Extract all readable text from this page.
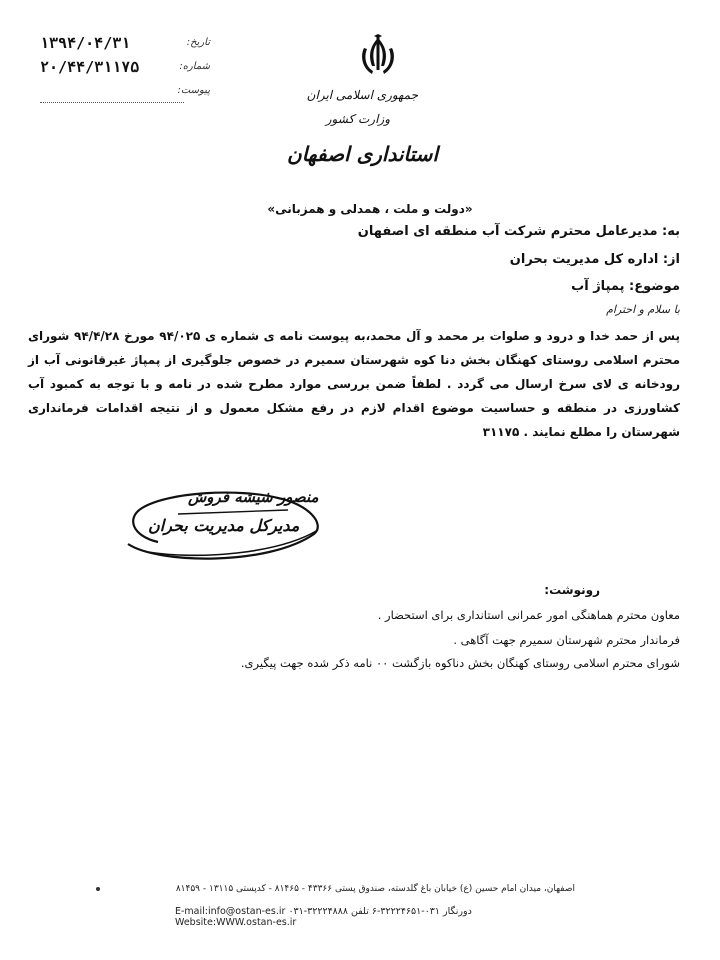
۱۳۹۴/۰۴/۳۱	تاریخ:
۲۰/۴۴/۳۱۱۷۵	شماره:
پیوست:	جمهوری اسلامی ایران
وزارت کشور
استانداری اصفهان
«دولت و ملت ، همدلی و همزبانی»
به: مدیرعامل محترم شرکت آب منطقه ای اصفهان
از: اداره کل مدیریت بحران
موضوع: پمپاژ آب
با سلام و احترام
پس از حمد خدا و درود و صلوات بر محمد و آل محمد،به پیوست نامه ی شماره ی ۹۴/۰۲۵ مورخ ۹۴/۴/۲۸ شورای محترم اسلامی روستای کهنگان بخش دنا کوه شهرستان سمیرم در خصوص جلوگیری از پمپاژ غیرقانونی آب از رودخانه ی لای سرخ ارسال می گردد . لطفاً ضمن بررسی موارد مطرح شده در نامه و با توجه به کمبود آب کشاورزی در منطقه و حساسیت موضوع اقدام لازم در رفع مشکل معمول و از نتیجه اقدامات فرمانداری شهرستان را مطلع نمایند . ۳۱۱۷۵
منصور شیشه فروش
مدیرکل مدیریت بحران
رونوشت:
معاون محترم هماهنگی امور عمرانی استانداری برای استحضار .
فرماندار محترم شهرستان سمیرم جهت آگاهی .
شورای محترم اسلامی روستای کهنگان بخش دناکوه بازگشت ۰۰ نامه ذکر شده جهت پیگیری.
اصفهان، میدان امام حسین (ع) خیابان باغ گلدسته، صندوق پستی ۴۳۳۶۶ - ۸۱۴۶۵ - کدپستی ۱۳۱۱۵ - ۸۱۴۵۹
E-mail:info@ostan-es.ir ۰۳۱-۳۲۲۲۴۸۸۸ دورنگار ۰۳۱-۳۲۲۲۴۶۵۱-۶ تلفن Website:WWW.ostan-es.ir
